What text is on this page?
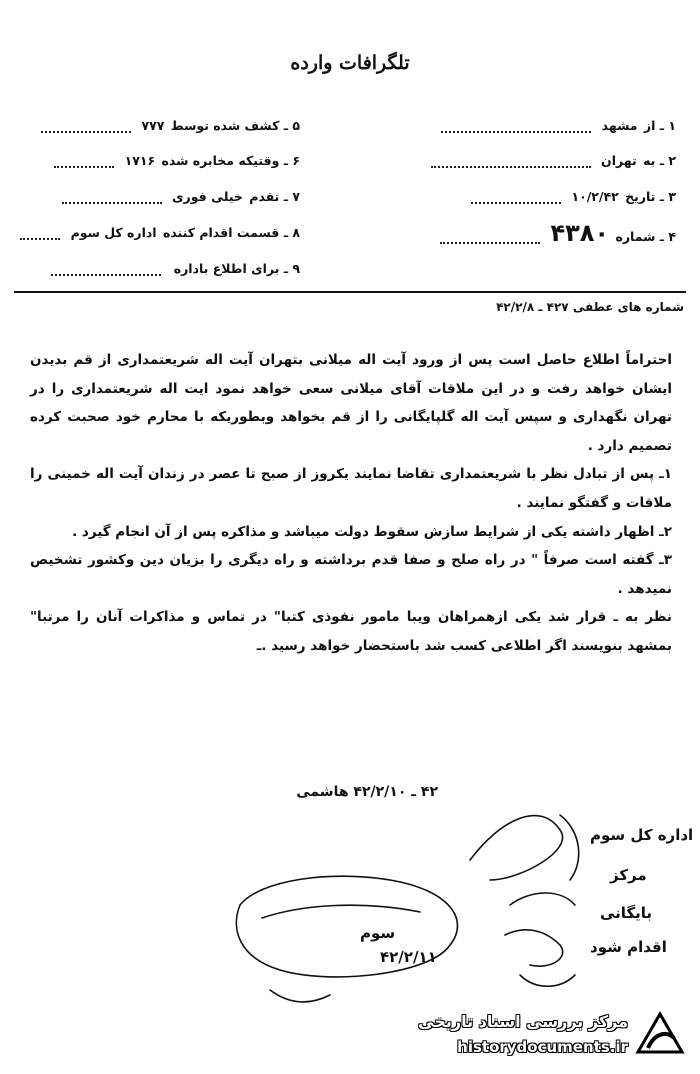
تلگرافات وارده
۱ ـ از مشهد
۲ ـ به تهران
۳ ـ تاریخ ۱۰/۲/۴۲
۴ ـ شماره ۴۳۸۰
۵ ـ کشف شده توسط ۷۷۷
۶ ـ وقتیکه مخابره شده ۱۷۱۶
۷ ـ تقدم خیلی فوری
۸ ـ قسمت اقدام کننده اداره کل سوم
۹ ـ برای اطلاع باداره
شماره های عطفی ۴۲۷ ـ ۴۲/۲/۸

احتراماً اطلاع حاصل است پس از ورود آیت اله میلانی بتهران آیت اله شریعتمداری از قم بدیدن ایشان خواهد رفت و در این ملاقات آقای میلانی سعی خواهد نمود ایت اله شریعتمداری را در تهران نگهداری و سپس آیت اله گلپایگانی را از قم بخواهد وبطوریکه با محارم خود صحبت کرده تصمیم دارد .

۱ـ پس از تبادل نظر با شریعتمداری تقاضا نمایند یکروز از صبح تا عصر در زندان آیت اله خمینی را ملاقات و گفتگو نمایند .

۲ـ اظهار داشته یکی از شرایط سازش سقوط دولت میباشد و مذاکره پس از آن انجام گیرد .

۳ـ گفته است صرفاً " در راه صلح و صفا قدم برداشته و راه دیگری را بزیان دین وکشور تشخیص نمیدهد .

نظر به ـ قرار شد یکی ازهمراهان ویبا مامور نفوذی کتبا" در تماس و مذاکرات آنان را مرتبا" بمشهد بنویسند اگر اطلاعی کسب شد باستحضار خواهد رسید .ـ

۴۲ ـ ۴۲/۲/۱۰ هاشمی
اداره کل سوم
مرکز
بایگانی
اقدام شود
سوم
۴۲/۲/۱۱
مرکز بررسی اسناد تاریخی
historydocuments.ir
